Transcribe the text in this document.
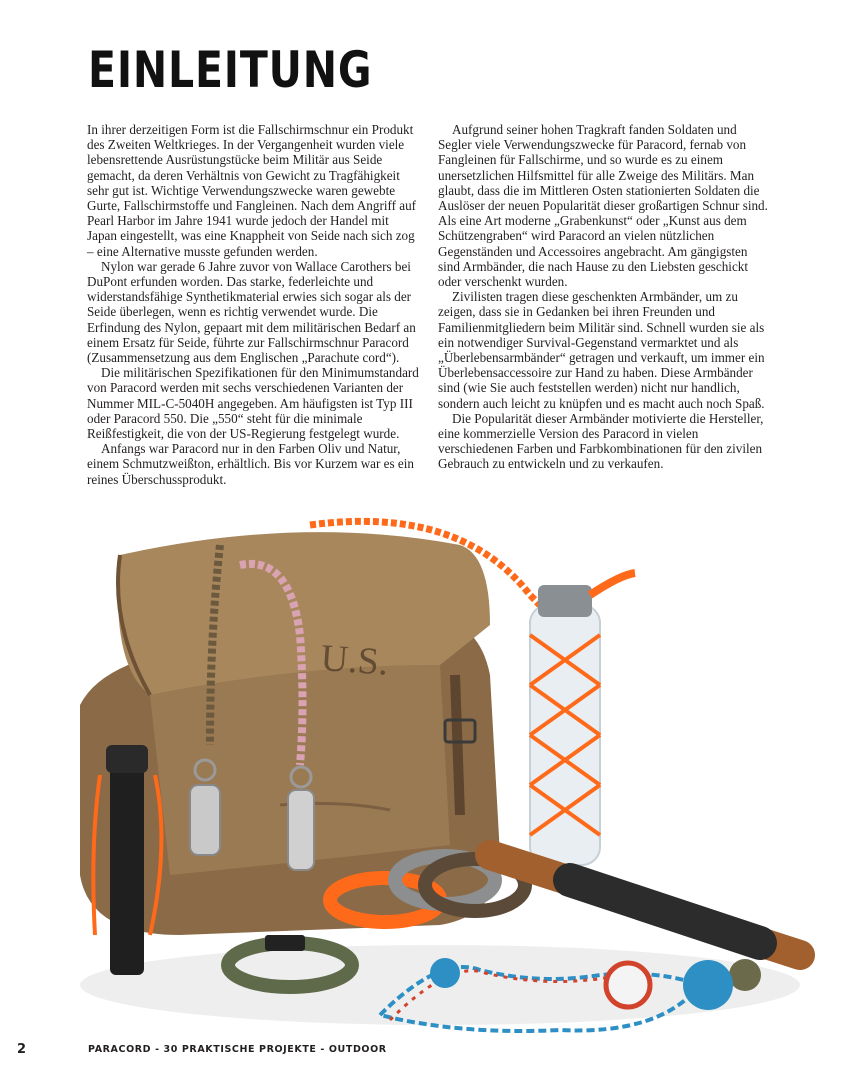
EINLEITUNG

In ihrer derzeitigen Form ist die Fallschirmschnur ein Produkt des Zweiten Weltkrieges. In der Vergangenheit wurden viele lebensrettende Ausrüstungstücke beim Militär aus Seide gemacht, da deren Verhältnis von Gewicht zu Tragfähigkeit sehr gut ist. Wichtige Verwendungszwecke waren gewebte Gurte, Fallschirmstoffe und Fangleinen. Nach dem Angriff auf Pearl Harbor im Jahre 1941 wurde jedoch der Handel mit Japan eingestellt, was eine Knappheit von Seide nach sich zog – eine Alternative musste gefunden werden.

Nylon war gerade 6 Jahre zuvor von Wallace Carothers bei DuPont erfunden worden. Das starke, federleichte und widerstandsfähige Synthetikmaterial erwies sich sogar als der Seide überlegen, wenn es richtig verwendet wurde. Die Erfindung des Nylon, gepaart mit dem militärischen Bedarf an einem Ersatz für Seide, führte zur Fallschirmschnur Paracord (Zusammensetzung aus dem Englischen „Parachute cord“).

Die militärischen Spezifikationen für den Minimumstandard von Paracord werden mit sechs verschiedenen Varianten der Nummer MIL-C-5040H angegeben. Am häufigsten ist Typ III oder Paracord 550. Die „550“ steht für die minimale Reißfestigkeit, die von der US-Regierung festgelegt wurde.

Anfangs war Paracord nur in den Farben Oliv und Natur, einem Schmutzweißton, erhältlich. Bis vor Kurzem war es ein reines Überschussprodukt.

Aufgrund seiner hohen Tragkraft fanden Soldaten und Segler viele Verwendungszwecke für Paracord, fernab von Fangleinen für Fallschirme, und so wurde es zu einem unersetzlichen Hilfsmittel für alle Zweige des Militärs. Man glaubt, dass die im Mittleren Osten stationierten Soldaten die Auslöser der neuen Popularität dieser großartigen Schnur sind. Als eine Art moderne „Grabenkunst“ oder „Kunst aus dem Schützengraben“ wird Paracord an vielen nützlichen Gegenständen und Accessoires angebracht. Am gängigsten sind Armbänder, die nach Hause zu den Liebsten geschickt oder verschenkt wurden.

Zivilisten tragen diese geschenkten Armbänder, um zu zeigen, dass sie in Gedanken bei ihren Freunden und Familienmitgliedern beim Militär sind. Schnell wurden sie als ein notwendiger Survival-Gegenstand vermarktet und als „Überlebensarmbänder“ getragen und verkauft, um immer ein Überlebensaccessoire zur Hand zu haben. Diese Armbänder sind (wie Sie auch feststellen werden) nicht nur handlich, sondern auch leicht zu knüpfen und es macht auch noch Spaß.

Die Popularität dieser Armbänder motivierte die Hersteller, eine kommerzielle Version des Paracord in vielen verschiedenen Farben und Farbkombinationen für den zivilen Gebrauch zu entwickeln und zu verkaufen.

U.S.
2	PARACORD - 30 PRAKTISCHE PROJEKTE - OUTDOOR
